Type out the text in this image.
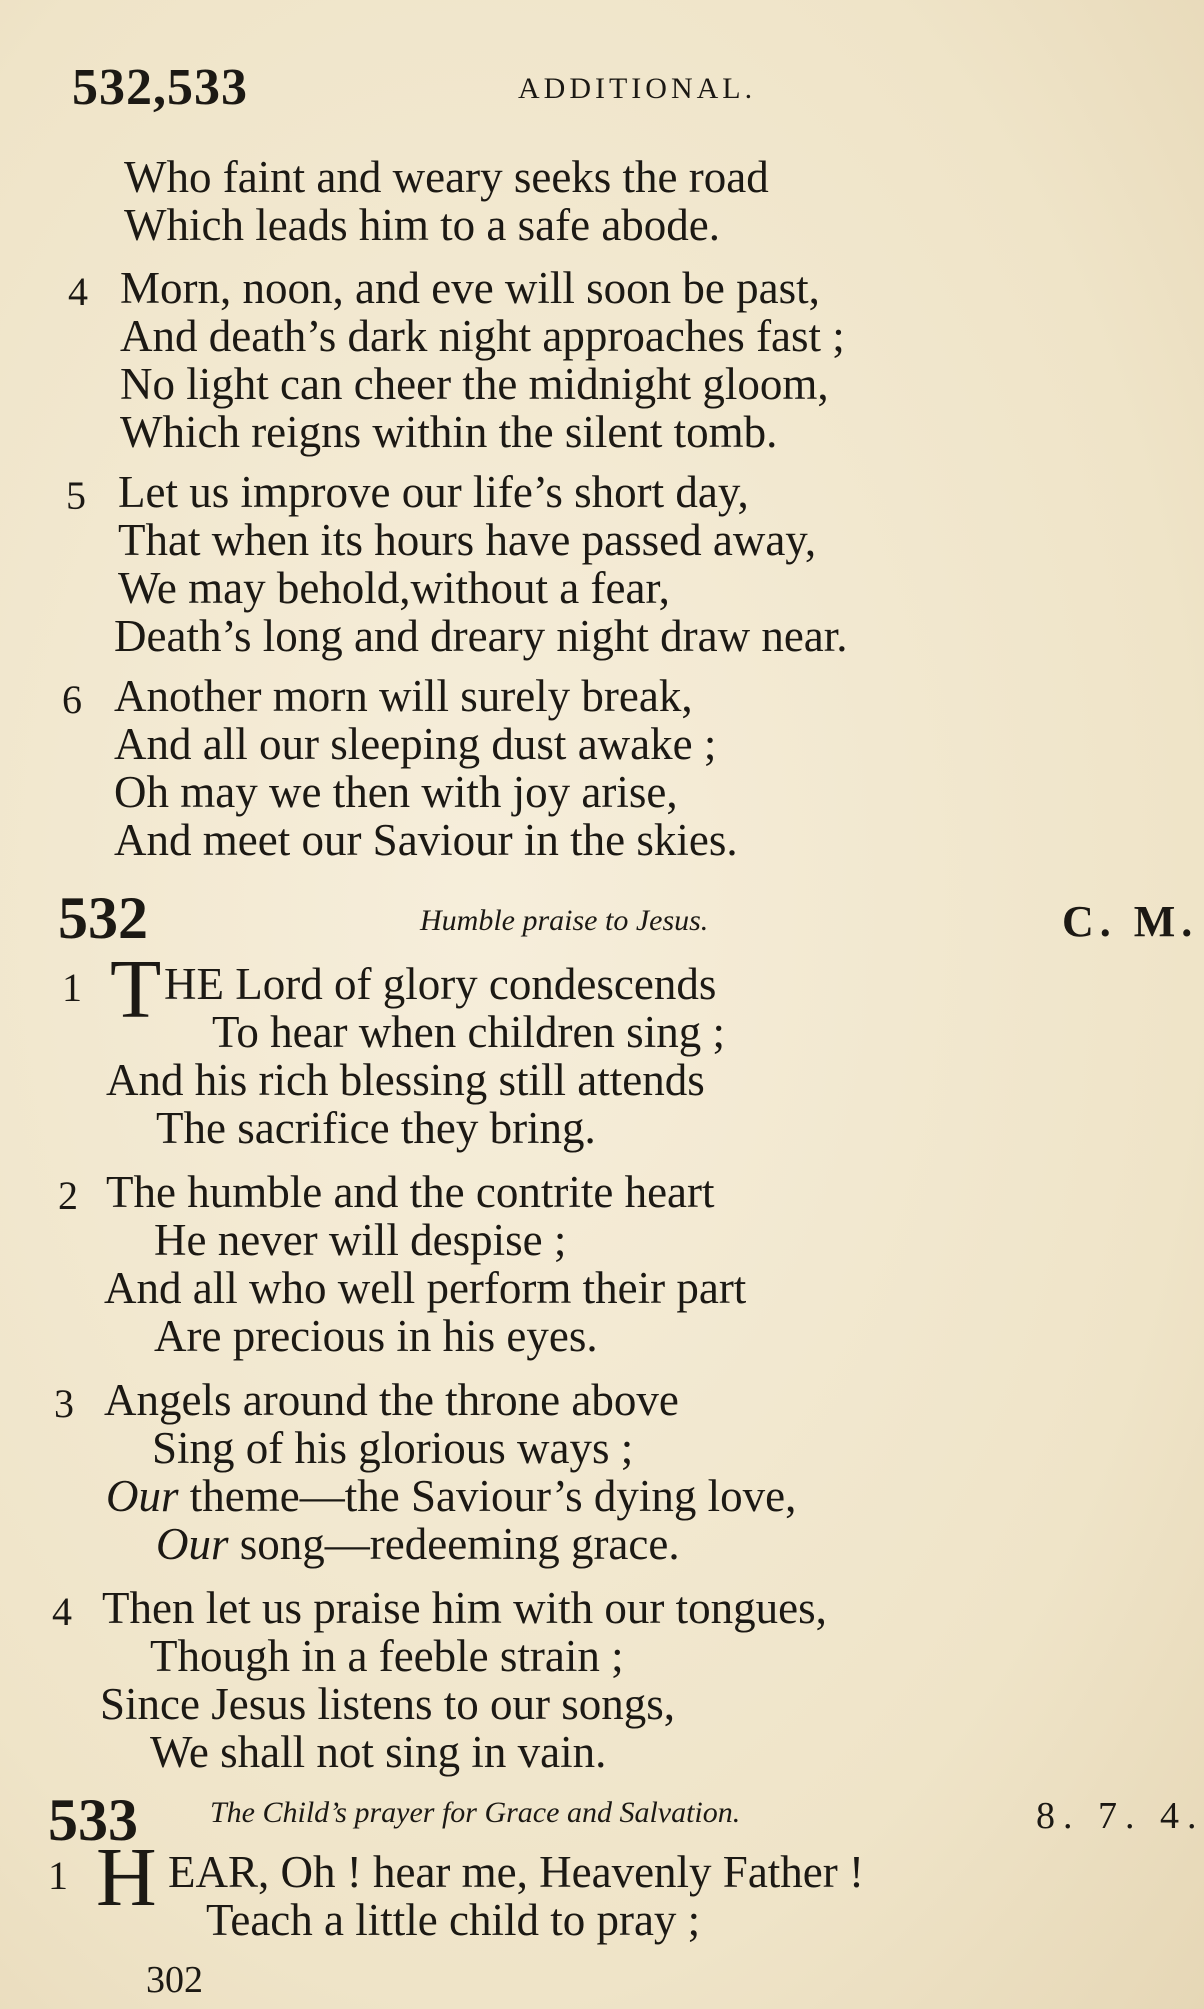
532,533	ADDITIONAL.
Who faint and weary seeks the road
Which leads him to a safe abode.
4 Morn, noon, and eve will soon be past,
And death’s dark night approaches fast ;
No light can cheer the midnight gloom,
Which reigns within the silent tomb.
5 Let us improve our life’s short day,
That when its hours have passed away,
We may behold,without a fear,
Death’s long and dreary night draw near.
6 Another morn will surely break,
And all our sleeping dust awake ;
Oh may we then with joy arise,
And meet our Saviour in the skies.
532	Humble praise to Jesus.	C. M.
1 T HE Lord of glory condescends
To hear when children sing ;
And his rich blessing still attends
The sacrifice they bring.
2 The humble and the contrite heart
He never will despise ;
And all who well perform their part
Are precious in his eyes.
3 Angels around the throne above
Sing of his glorious ways ;
Our theme—the Saviour’s dying love,
Our song—redeeming grace.
4 Then let us praise him with our tongues,
Though in a feeble strain ;
Since Jesus listens to our songs,
We shall not sing in vain.
533 The Child’s prayer for Grace and Salvation.	8. 7. 4.
1 H EAR, Oh ! hear me, Heavenly Father !
Teach a little child to pray ;
302
